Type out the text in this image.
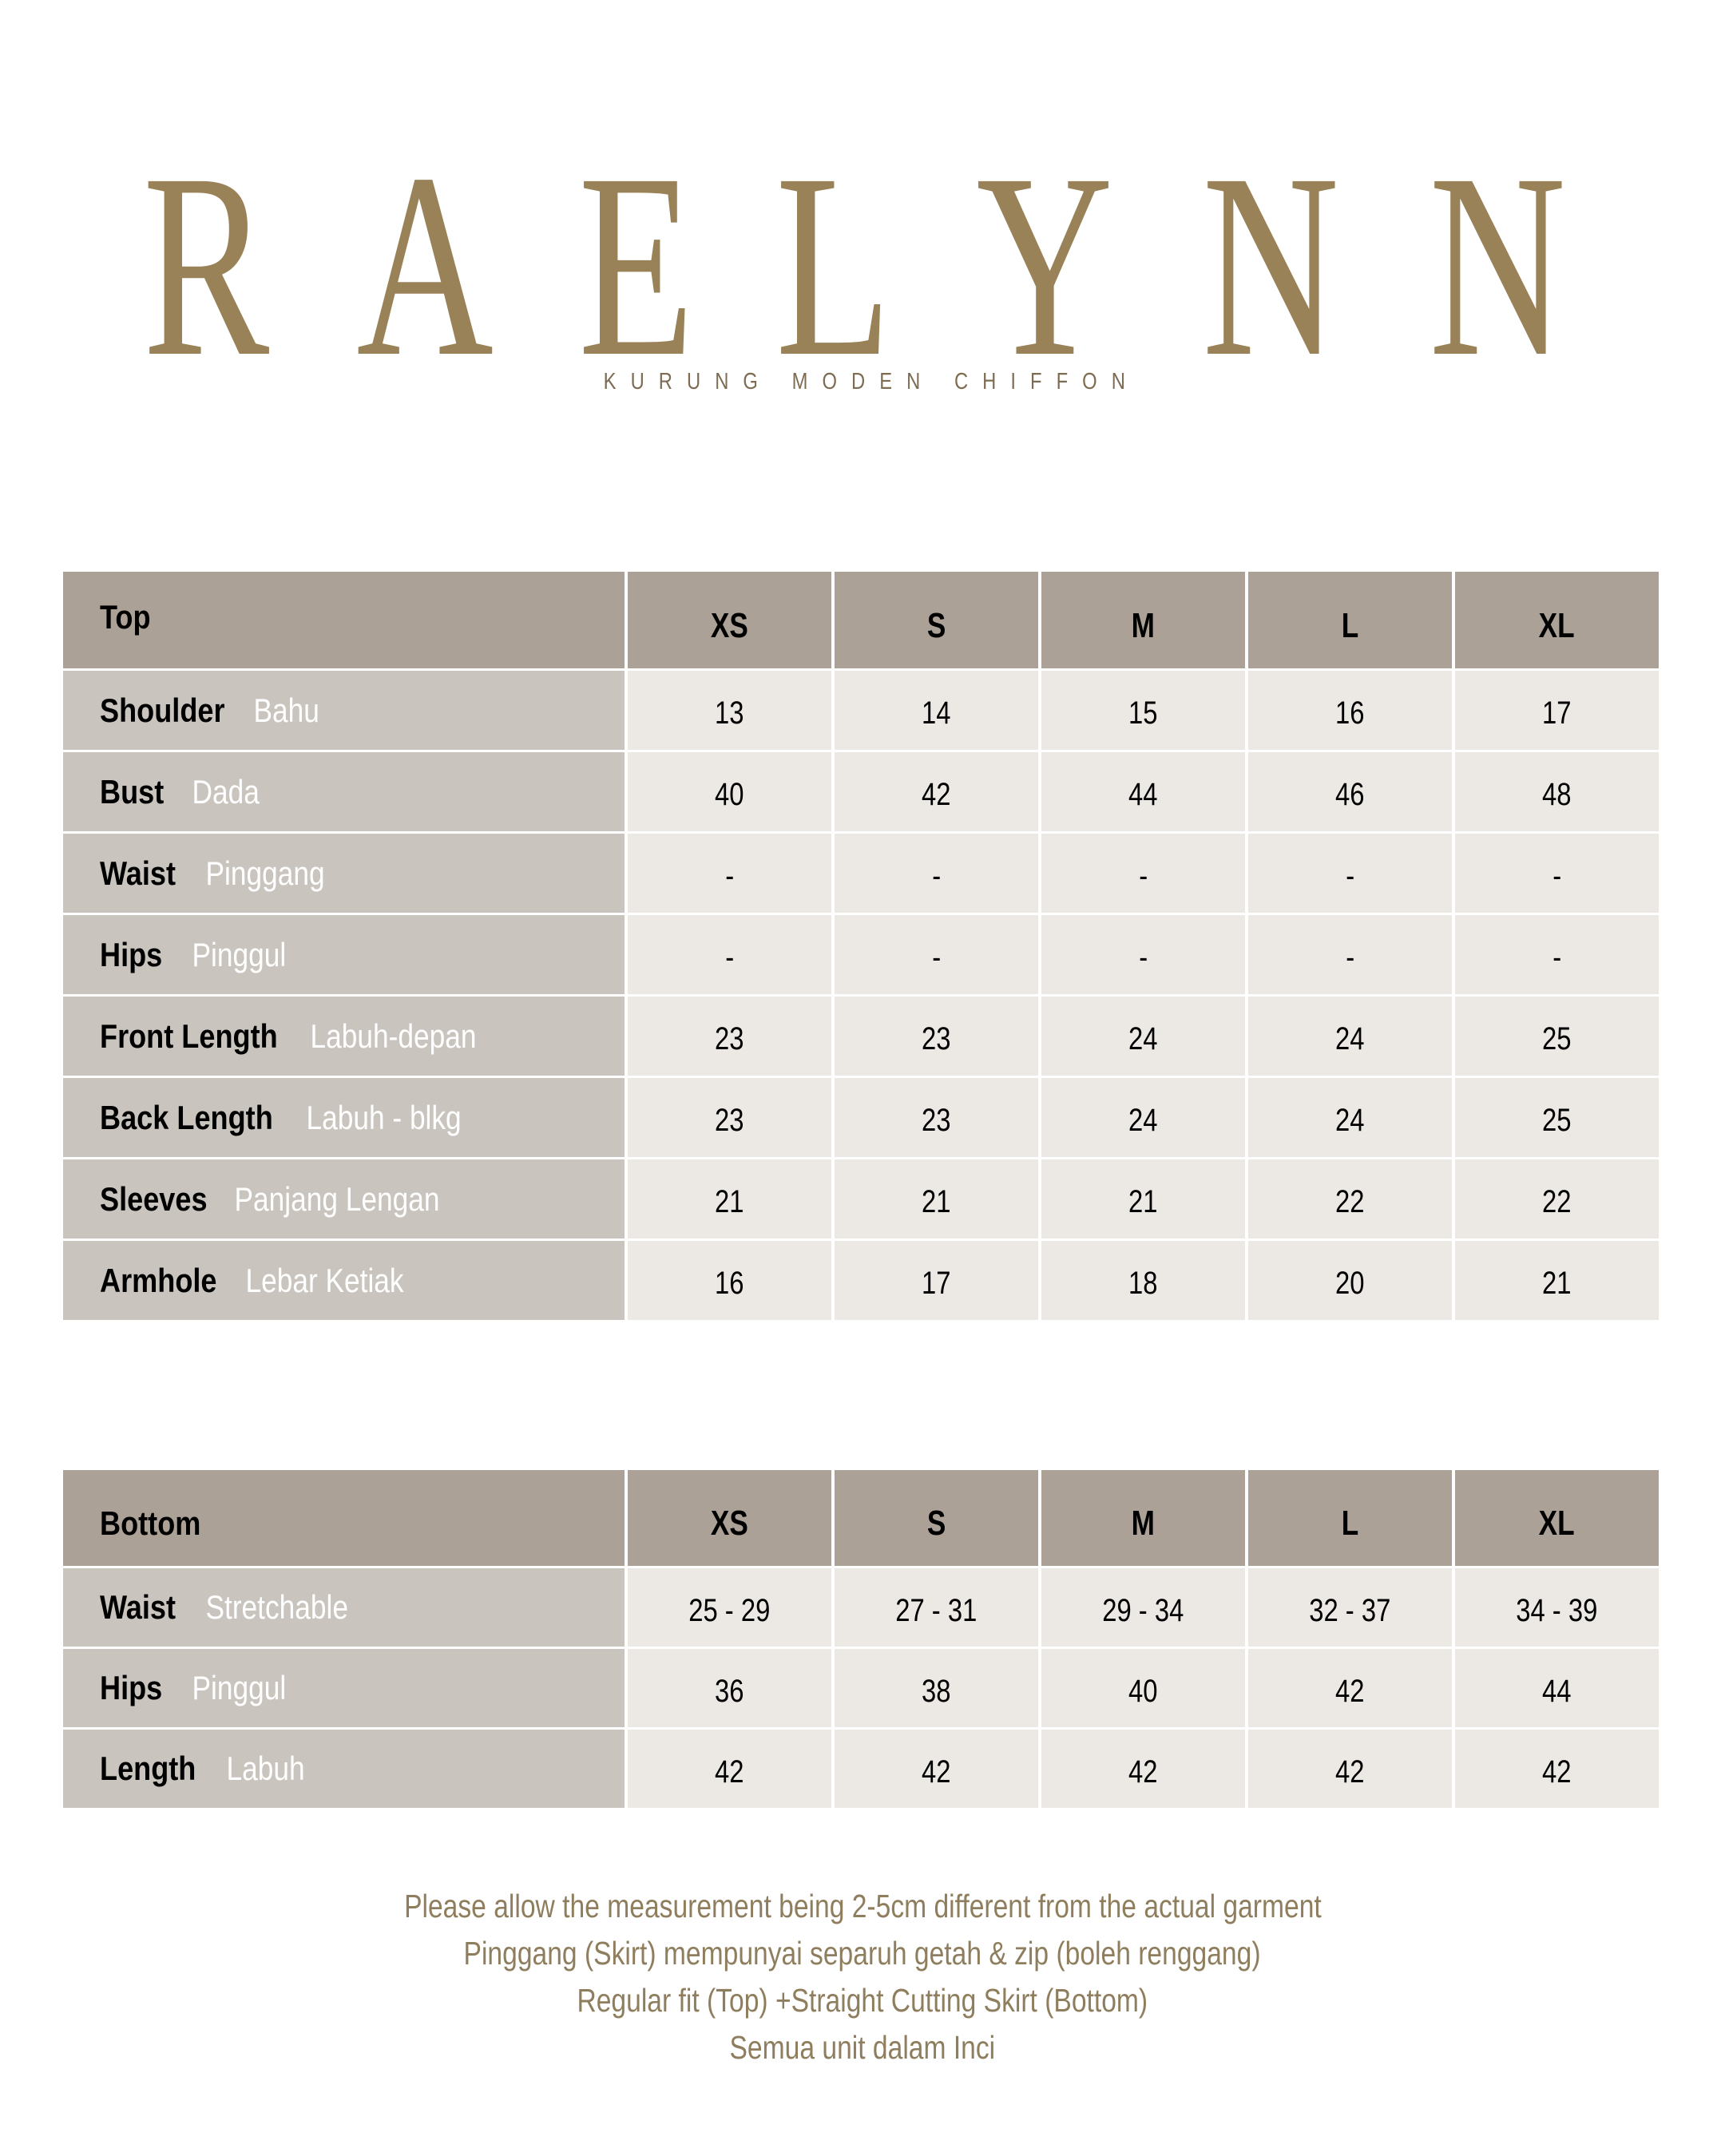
R A E L Y N N
KURUNG MODEN CHIFFON
Top	XS	S	M	L	XL
Shoulder Bahu	13	14	15	16	17
Bust Dada	40	42	44	46	48
Waist Pinggang	-	-	-	-	-
Hips Pinggul	-	-	-	-	-
Front Length Labuh-depan	23	23	24	24	25
Back Length Labuh - blkg	23	23	24	24	25
Sleeves Panjang Lengan	21	21	21	22	22
Armhole Lebar Ketiak	16	17	18	20	21
Bottom	XS	S	M	L	XL
Waist Stretchable	25 - 29	27 - 31	29 - 34	32 - 37	34 - 39
Hips Pinggul	36	38	40	42	44
Length Labuh	42	42	42	42	42
Please allow the measurement being 2-5cm different from the actual garment
Pinggang (Skirt) mempunyai separuh getah & zip (boleh renggang)
Regular fit (Top) +Straight Cutting Skirt (Bottom)
Semua unit dalam Inci
